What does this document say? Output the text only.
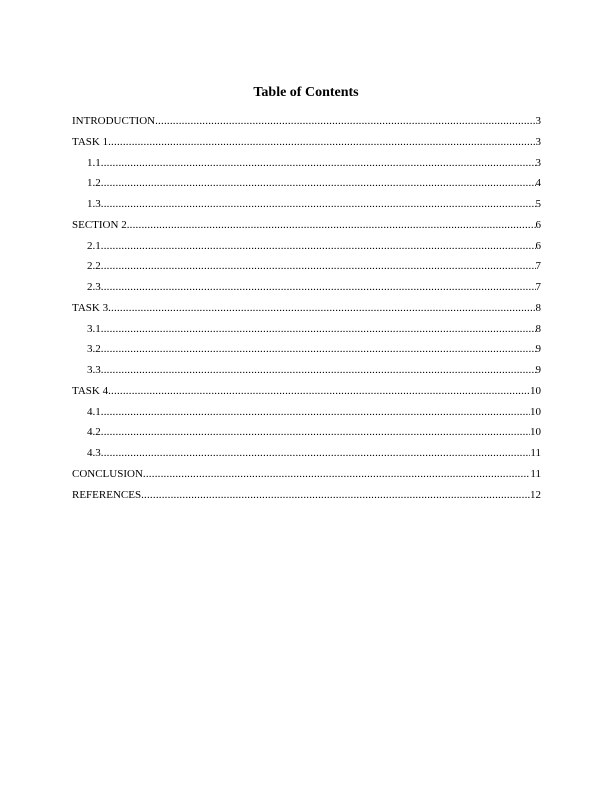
Table of Contents
INTRODUCTION .....	3
TASK 1 .....	3
1.1 .....	3
1.2 .....	4
1.3 .....	5
SECTION 2 .....	6
2.1 .....	6
2.2 .....	7
2.3 .....	7
TASK 3 .....	8
3.1 .....	8
3.2 .....	9
3.3 .....	9
TASK 4 .....	10
4.1 .....	10
4.2 .....	10
4.3 .....	11
CONCLUSION .....	11
REFERENCES .....	12
